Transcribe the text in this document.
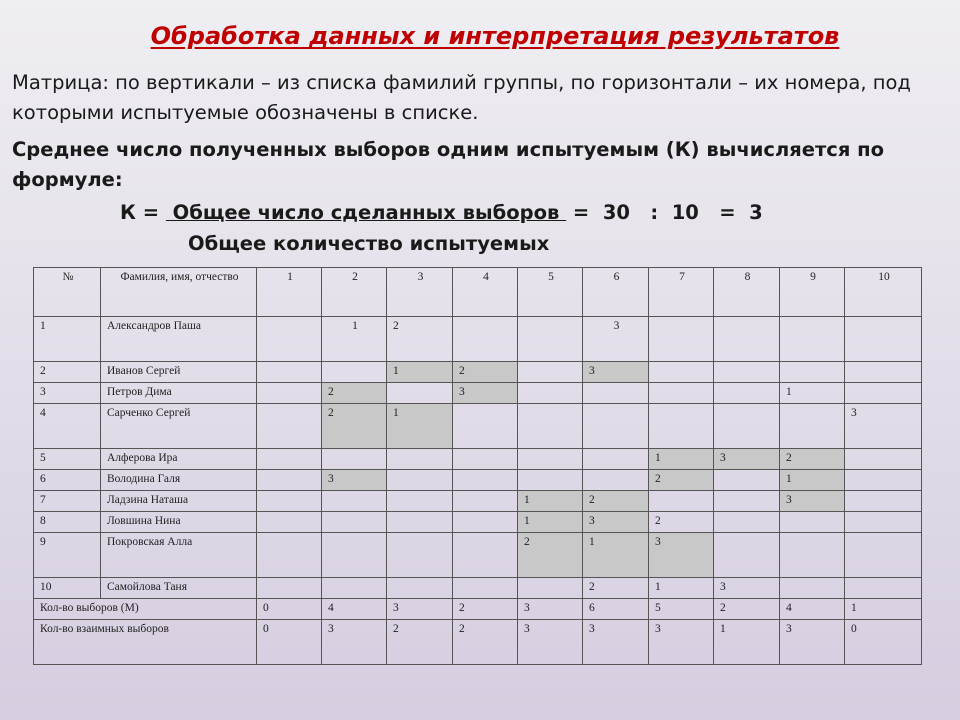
Обработка данных и интерпретация результатов
Матрица: по вертикали – из списка фамилий группы, по горизонтали – их номера, под которыми испытуемые обозначены в списке.
Среднее число полученных выборов одним испытуемым (К) вычисляется по формуле:
К =  Общее число сделанных выборов  =  30   :  10   =  3
Общее количество испытуемых
№	Фамилия, имя, отчество	1	2	3	4	5	6	7	8	9	10
1	Александров Паша		1	2			3				
2	Иванов Сергей			1	2		3				
3	Петров Дима		2		3					1	
4	Сарченко Сергей		2	1							3
5	Алферова Ира							1	3	2	
6	Володина Галя		3					2		1	
7	Ладзина Наташа					1	2			3	
8	Ловшина Нина					1	3	2			
9	Покровская Алла					2	1	3			
10	Самойлова Таня						2	1	3		
Кол-во выборов (М)		0	4	3	2	3	6	5	2	4	1
Кол-во взаимных выборов		0	3	2	2	3	3	3	1	3	0
